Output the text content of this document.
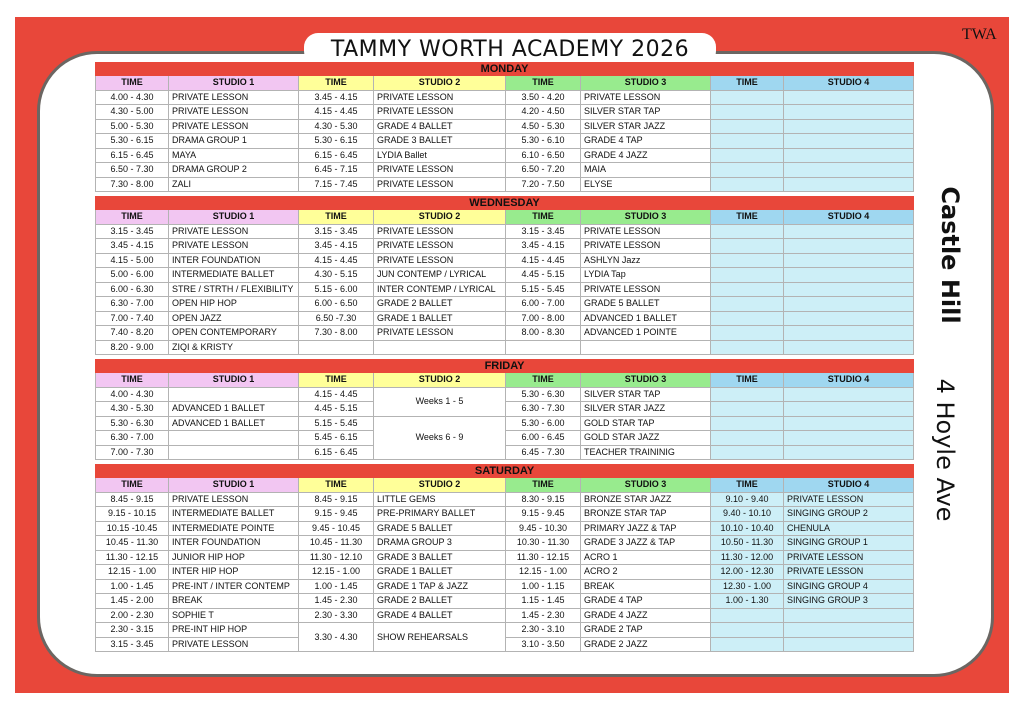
TAMMY WORTH ACADEMY 2026
TWA
Castle Hill
4 Hoyle Ave
MONDAY							
TIME	STUDIO 1	TIME	STUDIO 2	TIME	STUDIO 3	TIME	STUDIO 4
4.00 - 4.30	PRIVATE LESSON	3.45 - 4.15	PRIVATE LESSON	3.50 - 4.20	PRIVATE LESSON		
4.30 - 5.00	PRIVATE LESSON	4.15 - 4.45	PRIVATE LESSON	4.20 - 4.50	SILVER STAR TAP		
5.00 - 5.30	PRIVATE LESSON	4.30 - 5.30	GRADE 4 BALLET	4.50 - 5.30	SILVER STAR JAZZ		
5.30 - 6.15	DRAMA GROUP 1	5.30 - 6.15	GRADE 3 BALLET	5.30 - 6.10	GRADE 4 TAP		
6.15 - 6.45	MAYA	6.15 - 6.45	LYDIA Ballet	6.10 - 6.50	GRADE 4 JAZZ		
6.50 - 7.30	DRAMA GROUP 2	6.45 - 7.15	PRIVATE LESSON	6.50 - 7.20	MAIA		
7.30 - 8.00	ZALI	7.15 - 7.45	PRIVATE LESSON	7.20 - 7.50	ELYSE		
WEDNESDAY							
TIME	STUDIO 1	TIME	STUDIO 2	TIME	STUDIO 3	TIME	STUDIO 4
3.15 - 3.45	PRIVATE LESSON	3.15 - 3.45	PRIVATE LESSON	3.15 - 3.45	PRIVATE LESSON		
3.45 - 4.15	PRIVATE LESSON	3.45 - 4.15	PRIVATE LESSON	3.45 - 4.15	PRIVATE LESSON		
4.15 - 5.00	INTER FOUNDATION	4.15 - 4.45	PRIVATE LESSON	4.15 - 4.45	ASHLYN Jazz		
5.00 - 6.00	INTERMEDIATE BALLET	4.30 - 5.15	JUN CONTEMP / LYRICAL	4.45 - 5.15	LYDIA Tap		
6.00 - 6.30	STRE / STRTH / FLEXIBILITY	5.15 - 6.00	INTER CONTEMP / LYRICAL	5.15 - 5.45	PRIVATE LESSON		
6.30 - 7.00	OPEN HIP HOP	6.00 - 6.50	GRADE 2 BALLET	6.00 - 7.00	GRADE 5 BALLET		
7.00 - 7.40	OPEN JAZZ	6.50 -7.30	GRADE 1 BALLET	7.00 - 8.00	ADVANCED 1 BALLET		
7.40 - 8.20	OPEN CONTEMPORARY	7.30 - 8.00	PRIVATE LESSON	8.00 - 8.30	ADVANCED 1 POINTE		
8.20 - 9.00	ZIQI & KRISTY						
FRIDAY							
TIME	STUDIO 1	TIME	STUDIO 2	TIME	STUDIO 3	TIME	STUDIO 4
4.00 - 4.30		4.15 - 4.45	Weeks 1 - 5	5.30 - 6.30	SILVER STAR TAP		
4.30 - 5.30	ADVANCED 1 BALLET	4.45 - 5.15		6.30 - 7.30	SILVER STAR JAZZ		
5.30 - 6.30	ADVANCED 1 BALLET	5.15 - 5.45	Weeks 6 - 9	5.30 - 6.00	GOLD STAR TAP		
6.30 - 7.00		5.45 - 6.15		6.00 - 6.45	GOLD STAR JAZZ		
7.00 - 7.30		6.15 - 6.45		6.45 - 7.30	TEACHER TRAININIG		
SATURDAY							
TIME	STUDIO 1	TIME	STUDIO 2	TIME	STUDIO 3	TIME	STUDIO 4
8.45 - 9.15	PRIVATE LESSON	8.45 - 9.15	LITTLE GEMS	8.30 - 9.15	BRONZE STAR JAZZ	9.10 - 9.40	PRIVATE LESSON
9.15 - 10.15	INTERMEDIATE BALLET	9.15 - 9.45	PRE-PRIMARY BALLET	9.15 - 9.45	BRONZE STAR TAP	9.40 - 10.10	SINGING GROUP 2
10.15 -10.45	INTERMEDIATE POINTE	9.45 - 10.45	GRADE 5 BALLET	9.45 - 10.30	PRIMARY JAZZ & TAP	10.10 - 10.40	CHENULA
10.45 - 11.30	INTER FOUNDATION	10.45 - 11.30	DRAMA GROUP 3	10.30 - 11.30	GRADE 3 JAZZ & TAP	10.50 - 11.30	SINGING GROUP 1
11.30 - 12.15	JUNIOR HIP HOP	11.30 - 12.10	GRADE 3 BALLET	11.30 - 12.15	ACRO 1	11.30 - 12.00	PRIVATE LESSON
12.15 - 1.00	INTER HIP HOP	12.15 - 1.00	GRADE 1 BALLET	12.15 - 1.00	ACRO 2	12.00 - 12.30	PRIVATE LESSON
1.00 - 1.45	PRE-INT / INTER CONTEMP	1.00 - 1.45	GRADE 1 TAP & JAZZ	1.00 - 1.15	BREAK	12.30 - 1.00	SINGING GROUP 4
1.45 - 2.00	BREAK	1.45 - 2.30	GRADE 2 BALLET	1.15 - 1.45	GRADE 4 TAP	1.00 - 1.30	SINGING GROUP 3
2.00 - 2.30	SOPHIE T	2.30 - 3.30	GRADE 4 BALLET	1.45 - 2.30	GRADE 4 JAZZ		
2.30 - 3.15	PRE-INT HIP HOP	3.30 - 4.30	SHOW REHEARSALS	2.30 - 3.10	GRADE 2 TAP		
3.15 - 3.45	PRIVATE LESSON			3.10 - 3.50	GRADE 2 JAZZ		
